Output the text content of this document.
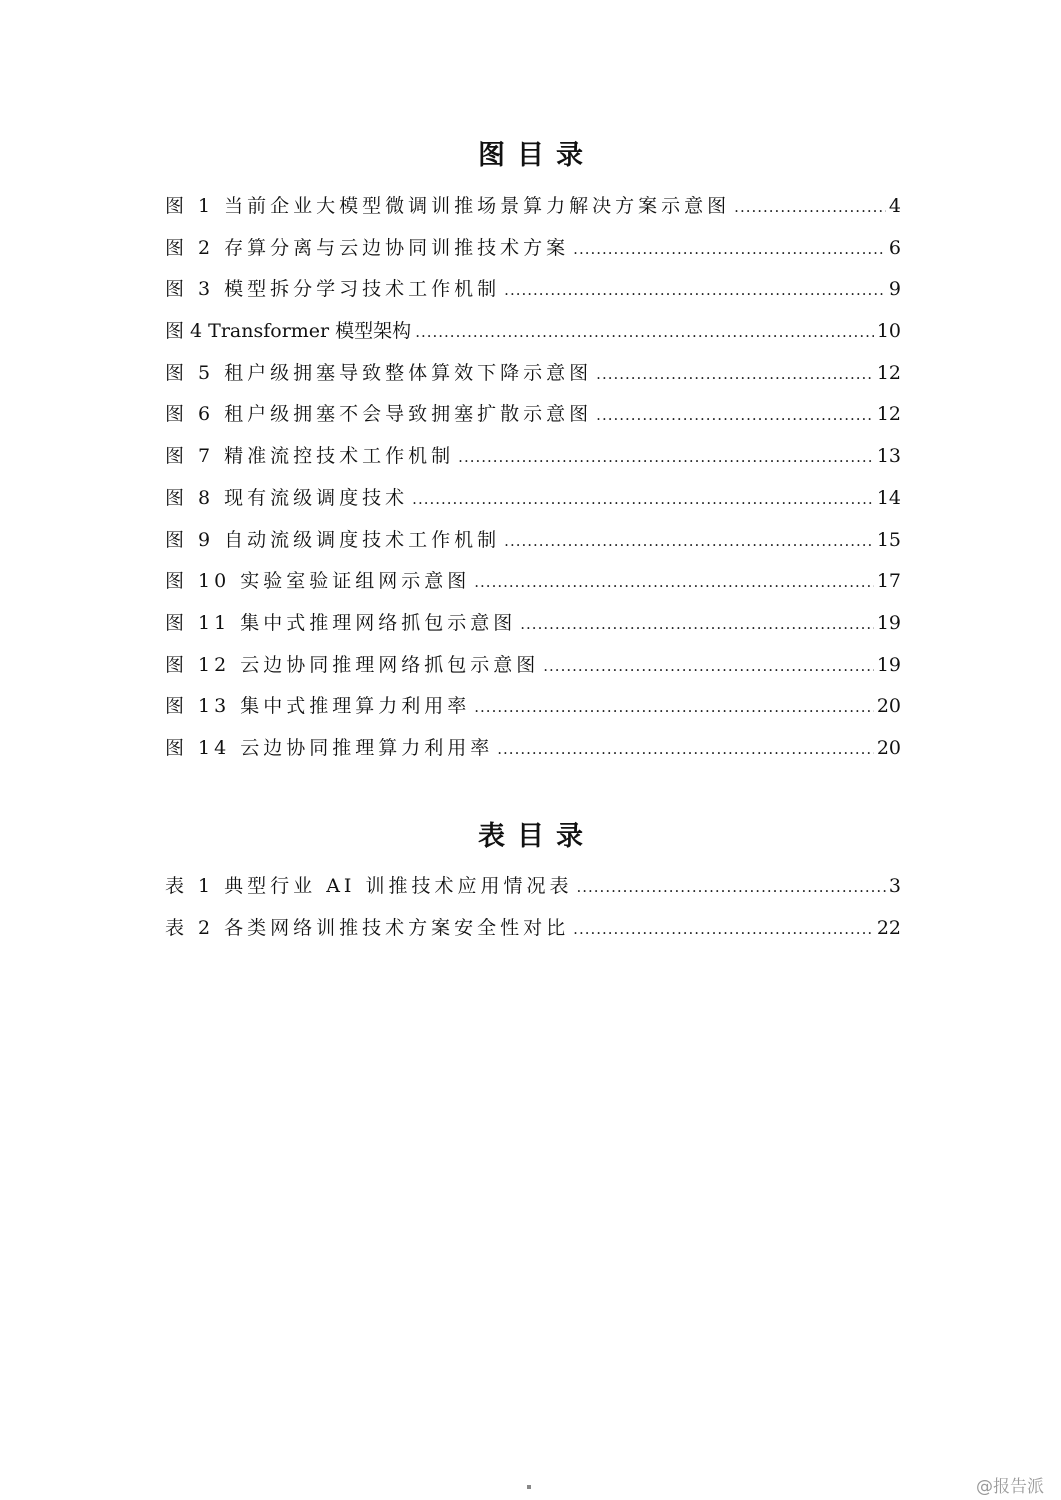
图目录
图 1 当前企业大模型微调训推场景算力解决方案示意图 .....	4
图 2 存算分离与云边协同训推技术方案 .....	6
图 3 模型拆分学习技术工作机制 .....	9
图 4 Transformer 模型架构 .....	10
图 5 租户级拥塞导致整体算效下降示意图 .....	12
图 6 租户级拥塞不会导致拥塞扩散示意图 .....	12
图 7 精准流控技术工作机制 .....	13
图 8 现有流级调度技术 .....	14
图 9 自动流级调度技术工作机制 .....	15
图 10 实验室验证组网示意图 .....	17
图 11 集中式推理网络抓包示意图 .....	19
图 12 云边协同推理网络抓包示意图 .....	19
图 13 集中式推理算力利用率 .....	20
图 14 云边协同推理算力利用率 .....	20
表目录
表 1 典型行业 AI 训推技术应用情况表 .....	3
表 2 各类网络训推技术方案安全性对比 .....	22
@报告派
